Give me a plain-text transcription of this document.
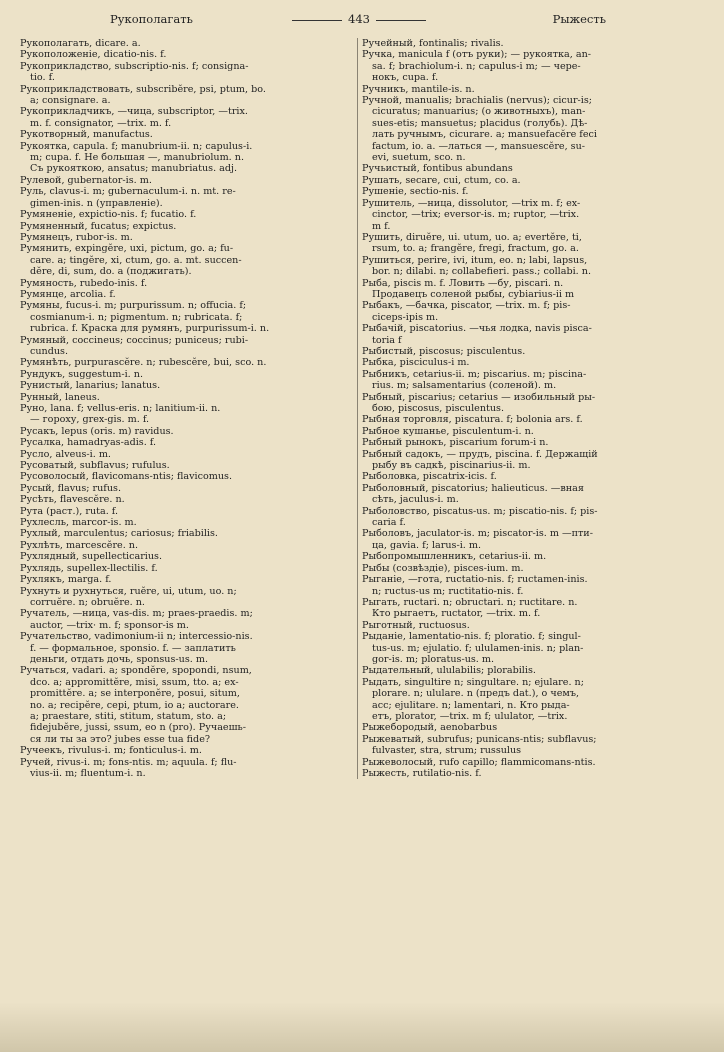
Рукополагать	443	Рыжесть
Рукополагать, dicare. a.
Рукоположеніе, dicatio-nis. f.
Рукоприкладство, subscriptio-nis. f; consigna-
tio. f.
Рукоприкладствовать, subscribĕre, psi, ptum, bo.
a; consignare. a.
Рукоприкладчикъ, —чица, subscriptor, —trix.
m. f. consignator, —trix. m. f.
Рукотворный, manufactus.
Рукоятка, capula. f; manubrium-ii. n; capulus-i.
m; cupa. f. Не большая —, manubriolum. n.
Съ рукояткою, ansatus; manubriatus. adj.
Рулевой, gubernator-is. m.
Руль, clavus-i. m; gubernaculum-i. n. mt. re-
gimen-inis. n (управленіе).
Румяненіе, expictio-nis. f; fucatio. f.
Румяненный, fucatus; expictus.
Румянецъ, rubor-is. m.
Румянить, expingĕre, uxi, pictum, go. a; fu-
care. a; tingĕre, xi, ctum, go. a. mt. succen-
dĕre, di, sum, do. a (поджигать).
Румяность, rubedo-inis. f.
Румянце, arcolia. f.
Румяны, fucus-i. m; purpurissum. n; offucia. f;
cosmianum-i. n; pigmentum. n; rubricata. f;
rubrica. f. Краска для румянъ, purpurissum-i. n.
Румяный, coccineus; coccinus; puniceus; rubi-
cundus.
Румянѣть, purpurascĕre. n; rubescĕre, bui, sco. n.
Рундукъ, suggestum-i. n.
Рунистый, lanarius; lanatus.
Рунный, laneus.
Руно, lana. f; vellus-eris. n; lanitium-ii. n.
— гороху, grex-gis. m. f.
Русакъ, lepus (oris. m) ravidus.
Русалка, hamadryas-adis. f.
Русло, alveus-i. m.
Русоватый, subflavus; rufulus.
Русоволосый, flavicomans-ntis; flavicomus.
Русый, flavus; rufus.
Русѣть, flavescĕre. n.
Рута (раст.), ruta. f.
Рухлесль, marcor-is. m.
Рухлый, marculentus; cariosus; friabilis.
Рухлѣть, marcescĕre. n.
Рухлядный, supellecticarius.
Рухлядь, supellex-llectilis. f.
Рухлякъ, marga. f.
Рухнуть и рухнуться, ruĕre, ui, utum, uo. n;
corruĕre. n; obruĕre. n.
Ручатель, —ница, vas-dis. m; praes-praedis. m;
auctor, —trix· m. f; sponsor-is m.
Ручательство, vadimonium-ii n; intercessio-nis.
f. — формальное, sponsio. f. — заплатить
деньги, отдать дочь, sponsus-us. m.
Ручаться, vadari. a; spondĕre, spopondi, nsum,
dco. a; appromittĕre, misi, ssum, tto. a; ex-
promittĕre. a; se interponĕre, posui, situm,
no. a; recipĕre, cepi, ptum, io a; auctorare.
a; praestare, stiti, stitum, statum, sto. a;
fidejubĕre, jussi, ssum, eo n (pro). Ручаешь-
ся ли ты за это? jubes esse tua fide?
Ручеекъ, rivulus-i. m; fonticulus-i. m.
Ручей, rivus-i. m; fons-ntis. m; aquula. f; flu-
vius-ii. m; fluentum-i. n.
Ручейный, fontinalis; rivalis.
Ручка, manicula f (отъ руки); — рукоятка, an-
sa. f; brachiolum-i. n; capulus-i m; — чере-
нокъ, cupa. f.
Ручникъ, mantile-is. n.
Ручной, manualis; brachialis (nervus); cicur-is;
cicuratus; manuarius; (о животныхъ), man-
sues-etis; mansuetus; placidus (голубь). Дѣ-
лать ручнымъ, cicurare. a; mansuefacĕre feci
factum, io. a. —латься —, mansuescĕre, su-
evi, suetum, sco. n.
Ручьистый, fontibus abundans
Рушать, secare, cui, ctum, co. a.
Рушеніе, sectio-nis. f.
Рушитель, —ница, dissolutor, —trix m. f; ex-
cinctor, —trix; eversor-is. m; ruptor, —trix.
m f.
Рушить, diruĕre, ui. utum, uo. a; evertĕre, ti,
rsum, to. a; frangĕre, fregi, fractum, go. a.
Рушиться, perire, ivi, itum, eo. n; labi, lapsus,
bor. n; dilabi. n; collabefieri. pass.; collabi. n.
Рыба, piscis m. f. Ловить —бу, piscari. n.
Продавецъ соленой рыбы, cybiarius-ii m
Рыбакъ, —бачка, piscator, —trix. m. f; pis-
ciceps-ipis m.
Рыбачій, piscatorius. —чья лодка, navis pisca-
toria f
Рыбистый, piscosus; pisculentus.
Рыбка, pisciculus-i m.
Рыбникъ, cetarius-ii. m; piscarius. m; piscina-
rius. m; salsamentarius (соленой). m.
Рыбный, piscarius; cetarius — изобильный ры-
бою, piscosus, pisculentus.
Рыбная торговля, piscatura. f; bolonia ars. f.
Рыбное кушанье, pisculentum-i. n.
Рыбный рынокъ, piscarium forum-i n.
Рыбный садокъ, — прудъ, piscina. f. Держащій
рыбу въ садкѣ, piscinarius-ii. m.
Рыболовка, piscatrix-icis. f.
Рыболовный, piscatorius; halieuticus. —вная
сѣть, jaculus-i. m.
Рыболовство, piscatus-us. m; piscatio-nis. f; pis-
caria f.
Рыболовъ, jaculator-is. m; piscator-is. m —пти-
ца, gavia. f; larus-i. m.
Рыбопромышленникъ, cetarius-ii. m.
Рыбы (созвѣздіе), pisces-ium. m.
Рыганіе, —гота, ructatio-nis. f; ructamen-inis.
n; ructus-us m; ructitatio-nis. f.
Рыгать, ructari. n; obructari. n; ructitare. n.
Кто рыгаетъ, ructator, —trix. m. f.
Рыготный, ructuosus.
Рыданіе, lamentatio-nis. f; ploratio. f; singul-
tus-us. m; ejulatio. f; ululamen-inis. n; plan-
gor-is. m; ploratus-us. m.
Рыдательный, ululabilis; plorabilis.
Рыдать, singultire n; singultare. n; ejulare. n;
plorare. n; ululare. n (предъ dat.), о чемъ,
acc; ejulitare. n; lamentari, n. Кто рыда-
етъ, plorator, —trix. m f; ululator, —trix.
Рыжебородый, aenobarbus
Рыжеватый, subrufus; punicans-ntis; subflavus;
fulvaster, stra, strum; russulus
Рыжеволосый, rufo capillo; flammicomans-ntis.
Рыжесть, rutilatio-nis. f.
